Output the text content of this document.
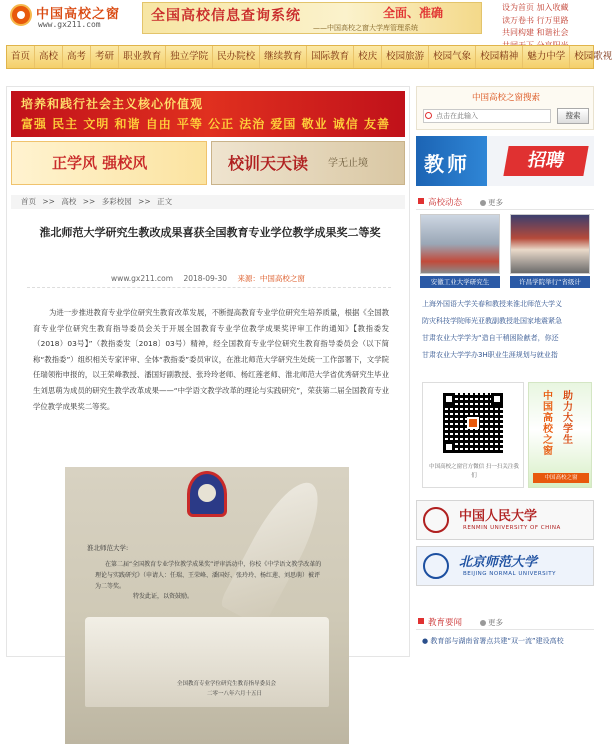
中国高校之窗
www.gx211.com
全国高校信息查询系统	全面、准确
——中国高校之窗大学库管理系统
设为首页 加入收藏
读万卷书 行万里路
共同构建 和谐社会
首页 高校 高考 考研 职业教育 独立学院 民办院校 继续教育 国际教育 校庆 校园旅游 校园气象 校园精神 魅力中学 校园歌视
培养和践行社会主义核心价值观
富强 民主 文明 和谐 自由 平等 公正 法治 爱国 敬业 诚信 友善
正学风 强校风	校训天天读 学无止境
首页 >> 高校 >> 多彩校园 >> 正文
淮北师范大学研究生教改成果喜获全国教育专业学位教学成果奖二等奖
www.gx211.com 2018-09-30 来源：中国高校之窗

为进一步推进教育专业学位研究生教育改革发展，不断提高教育专业学位研究生培养质量，根据《全国教育专业学位研究生教育指导委员会关于开展全国教育专业学位教学成果奖评审工作的通知》【教指委发（2018）03号】”（教指委发〔2018〕03号）精神，经全国教育专业学位研究生教育指导委员会（以下简称“教指委”）组织相关专家评审、全体“教指委”委员审议，在淮北师范大学研究生处统一工作部署下，文学院任瑞领衔申报的，以王荣峰教授、潘国好副教授、张玲玲老师、杨红莲老师、淮北师范大学省优秀研究生毕业生刘思萌为成员的研究生教学改革成果——“中学语文教学改革的理论与实践研究”，荣获第二届全国教育专业学位教学成果奖二等奖。

淮北师范大学:
在第二届“全国教育专业学位教学成果奖”评审活动中，你校《中学语文教学改革的理论与实践研究》（申请人：任瑞、王荣峰、潘国好、张玲玲、杨红莲、刘思萌）被评为二等奖。
特发此证，以资鼓励。
全国教育专业学位研究生教育指导委员会
二零一八年六月十五日
中国高校之窗搜索
点击在此输入
搜索
教师	招聘
高校动态	更多
安徽工业大学研究生	许昌学院举行“省级计
上海外国语大学关春和教授来淮北师范大学义
防灾科技学院师光亚教副教授赴国家地震紧急
甘肃农业大学学为“造自干稍困险献者，你还
甘肃农业大学学办3H职业生涯规划与就业指
中国高校之窗官方微信 扫一扫关注我们
中国高校之窗
助力大学生
中国高校之窗
中国人民大学
RENMIN UNIVERSITY OF CHINA
北京师范大学
BEIJING NORMAL UNIVERSITY
教育要闻	更多
● 教育部与湖南省署点共建“双一流”建设高校
